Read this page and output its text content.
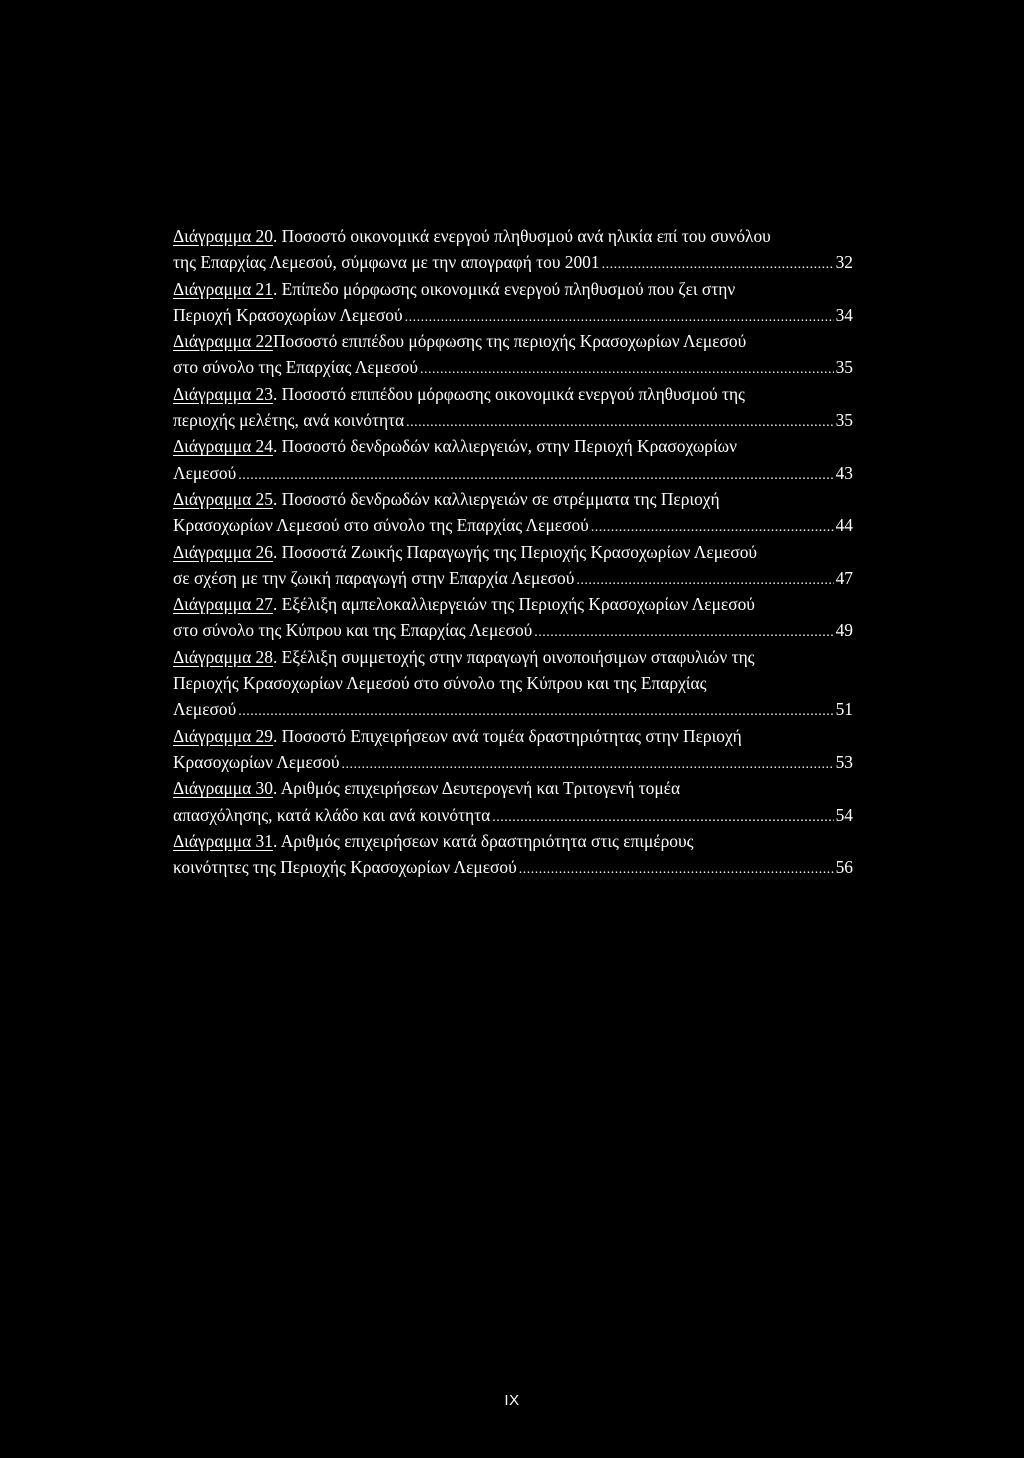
Διάγραμμα 20 . Ποσοστό οικονομικά ενεργού πληθυσμού ανά ηλικία επί του συνόλου
της Επαρχίας Λεμεσού, σύμφωνα με την απογραφή του 2001 .....	32
Διάγραμμα 21 . Επίπεδο μόρφωσης οικονομικά ενεργού πληθυσμού που ζει στην
Περιοχή Κρασοχωρίων Λεμεσού .....	34
Διάγραμμα 22 Ποσοστό επιπέδου μόρφωσης της περιοχής Κρασοχωρίων Λεμεσού
στο σύνολο της Επαρχίας Λεμεσού .....	35
Διάγραμμα 23 . Ποσοστό επιπέδου μόρφωσης οικονομικά ενεργού πληθυσμού της
περιοχής μελέτης, ανά κοινότητα .....	35
Διάγραμμα 24 . Ποσοστό δενδρωδών καλλιεργειών, στην Περιοχή Κρασοχωρίων
Λεμεσού .....	43
Διάγραμμα 25 . Ποσοστό δενδρωδών καλλιεργειών σε στρέμματα της Περιοχή
Κρασοχωρίων Λεμεσού στο σύνολο της Επαρχίας Λεμεσού .....	44
Διάγραμμα 26 . Ποσοστά Ζωικής Παραγωγής της Περιοχής Κρασοχωρίων Λεμεσού
σε σχέση με την ζωική παραγωγή στην Επαρχία Λεμεσού .....	47
Διάγραμμα 27 . Εξέλιξη αμπελοκαλλιεργειών της Περιοχής Κρασοχωρίων Λεμεσού
στο σύνολο της Κύπρου και της Επαρχίας Λεμεσού .....	49
Διάγραμμα 28 . Εξέλιξη συμμετοχής στην παραγωγή οινοποιήσιμων σταφυλιών της
Περιοχής Κρασοχωρίων Λεμεσού στο σύνολο της Κύπρου και της Επαρχίας
Λεμεσού .....	51
Διάγραμμα 29 . Ποσοστό Επιχειρήσεων ανά τομέα δραστηριότητας στην Περιοχή
Κρασοχωρίων Λεμεσού .....	53
Διάγραμμα 30 . Αριθμός επιχειρήσεων Δευτερογενή και Τριτογενή τομέα
απασχόλησης, κατά κλάδο και ανά κοινότητα .....	54
Διάγραμμα 31 . Αριθμός επιχειρήσεων κατά δραστηριότητα στις επιμέρους
κοινότητες της Περιοχής Κρασοχωρίων Λεμεσού .....	56
IX
